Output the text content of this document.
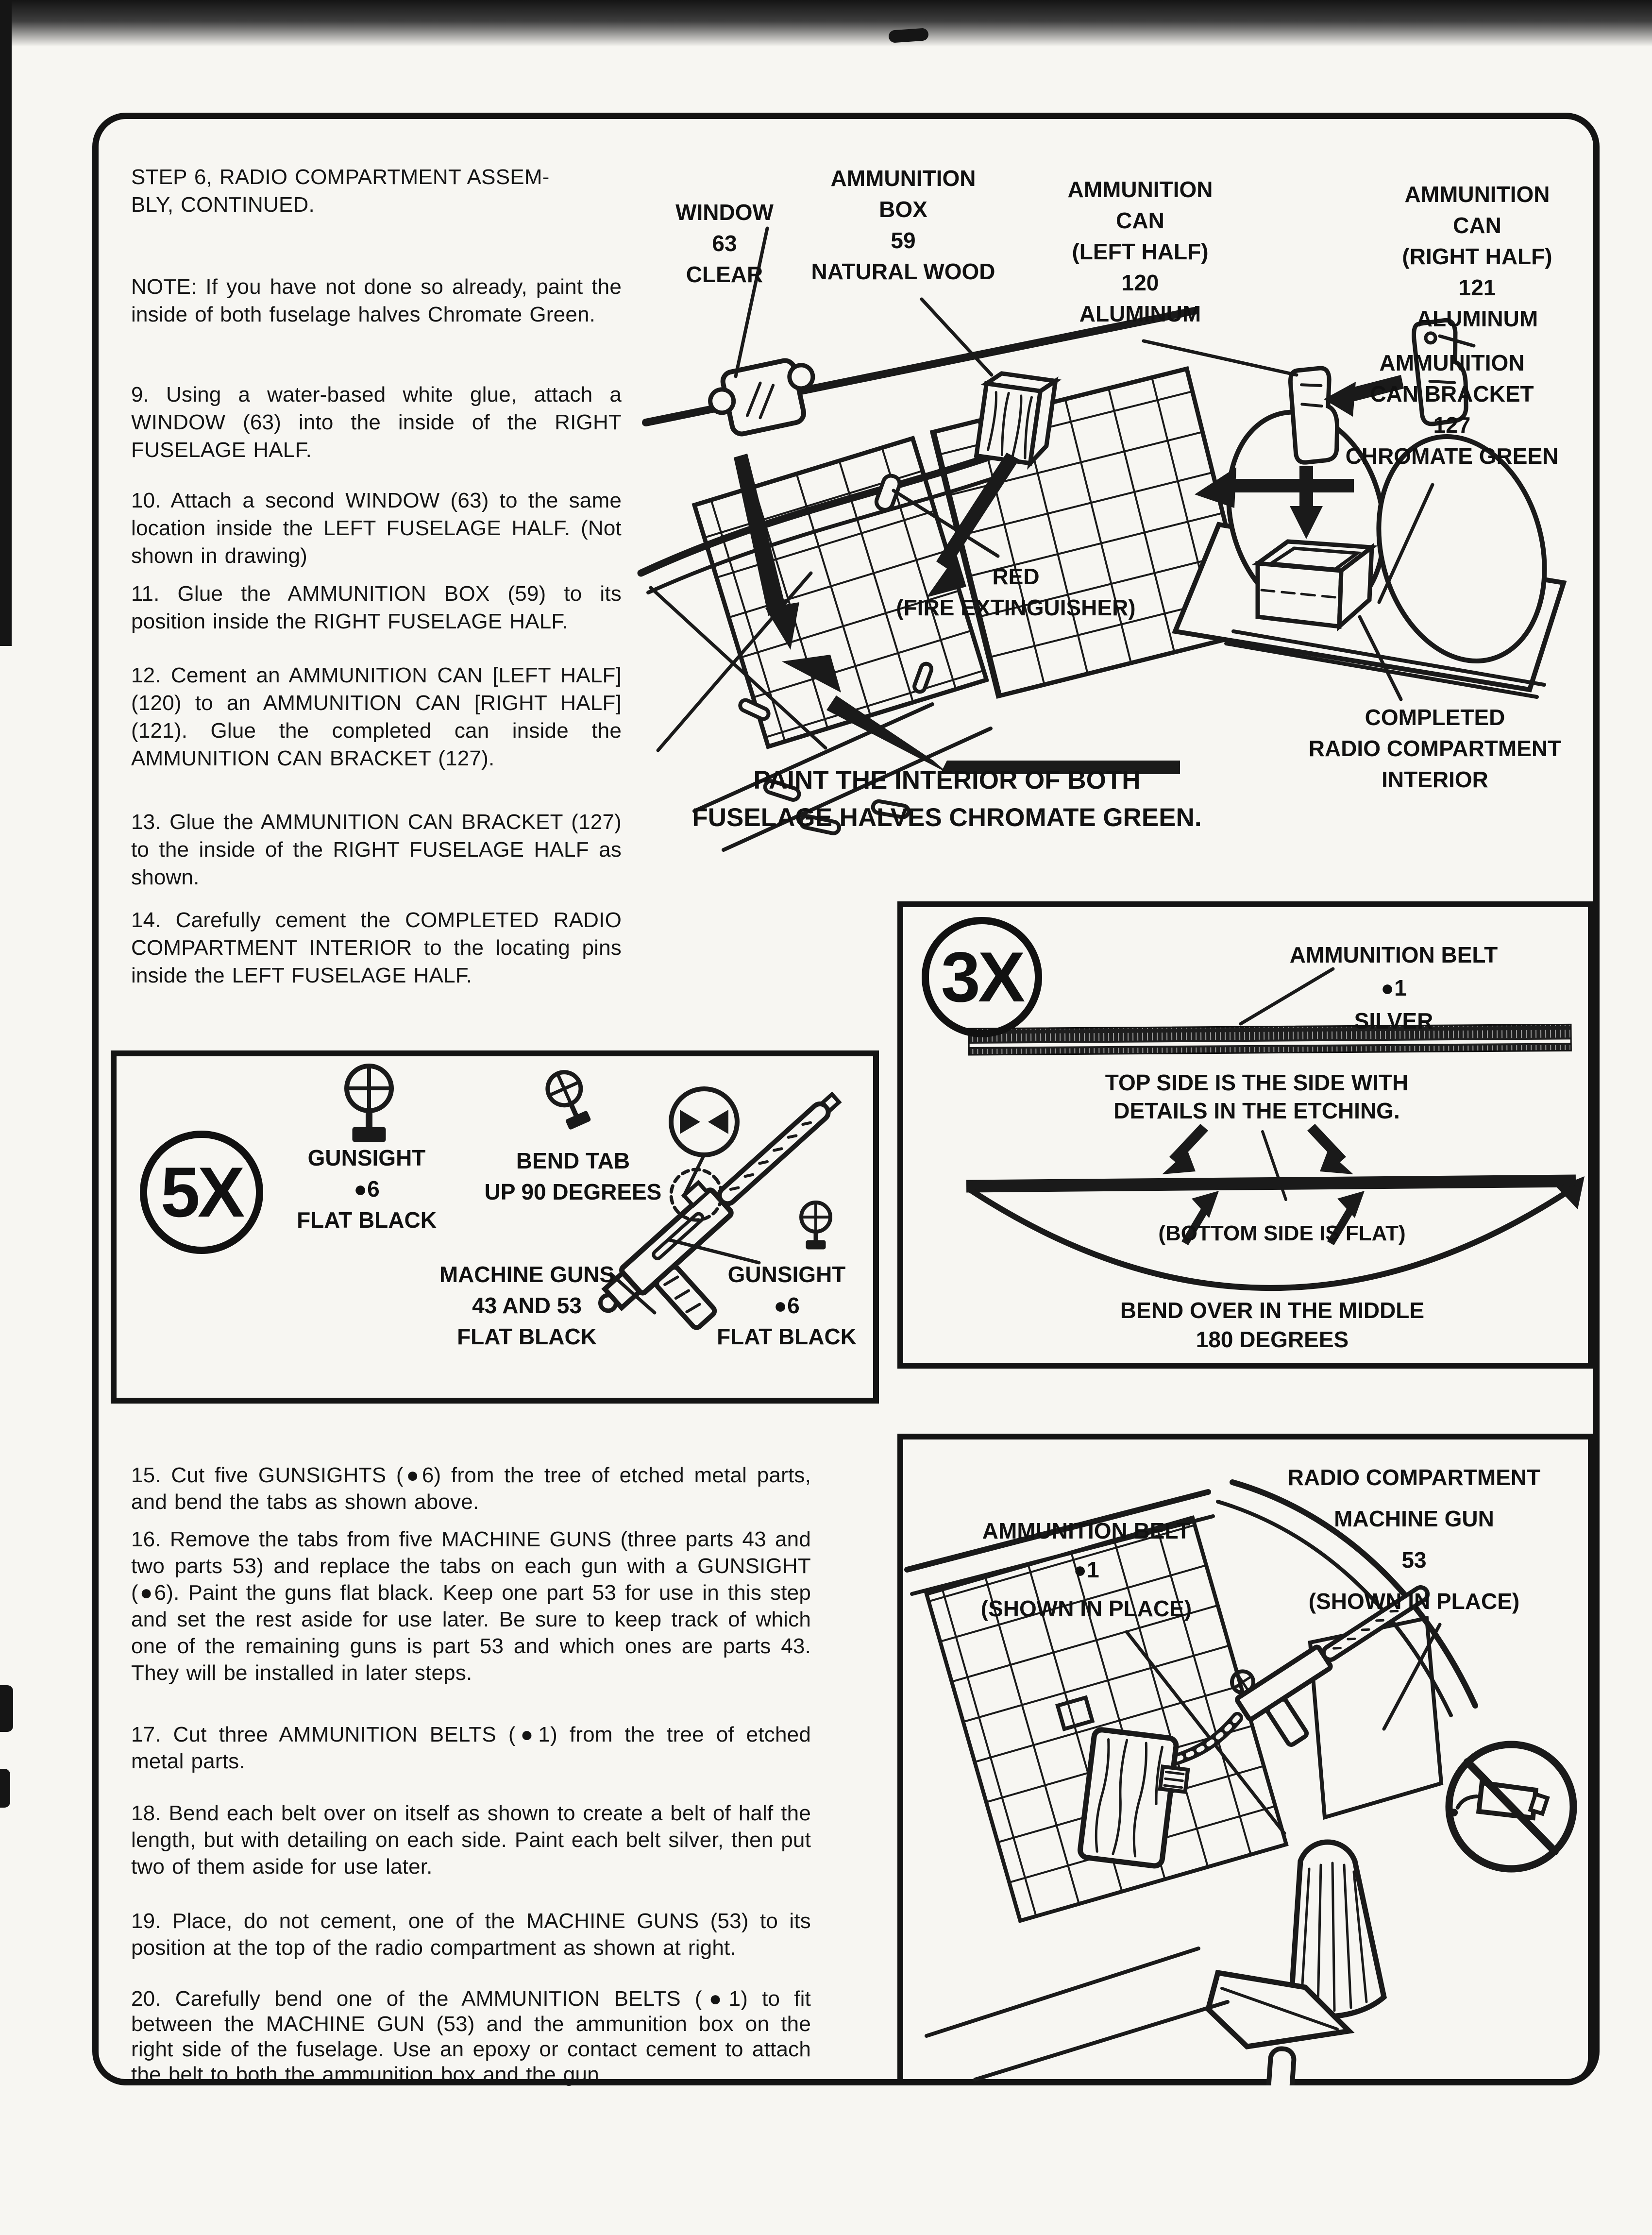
STEP 6, RADIO COMPARTMENT ASSEM-
BLY, CONTINUED.

NOTE: If you have not done so already, paint the inside of both fuselage halves Chromate Green.

9. Using a water-based white glue, attach a WINDOW (63) into the inside of the RIGHT FUSELAGE HALF.

10. Attach a second WINDOW (63) to the same location inside the LEFT FUSELAGE HALF. (Not shown in drawing)

11. Glue the AMMUNITION BOX (59) to its position inside the RIGHT FUSELAGE HALF.

12. Cement an AMMUNITION CAN [LEFT HALF] (120) to an AMMUNITION CAN [RIGHT HALF] (121). Glue the completed can inside the AMMUNITION CAN BRACKET (127).

13. Glue the AMMUNITION CAN BRACKET (127) to the inside of the RIGHT FUSELAGE HALF as shown.

14. Carefully cement the COMPLETED RADIO COMPARTMENT INTERIOR to the locating pins inside the LEFT FUSELAGE HALF.

15. Cut five GUNSIGHTS (●6) from the tree of etched metal parts, and bend the tabs as shown above.

16. Remove the tabs from five MACHINE GUNS (three parts 43 and two parts 53) and replace the tabs on each gun with a GUNSIGHT (●6). Paint the guns flat black. Keep one part 53 for use in this step and set the rest aside for use later. Be sure to keep track of which one of the remaining guns is part 53 and which ones are parts 43. They will be installed in later steps.

17. Cut three AMMUNITION BELTS (●1) from the tree of etched metal parts.

18. Bend each belt over on itself as shown to create a belt of half the length, but with detailing on each side. Paint each belt silver, then put two of them aside for use later.

19. Place, do not cement, one of the MACHINE GUNS (53) to its position at the top of the radio compartment as shown at right.

20. Carefully bend one of the AMMUNITION BELTS (●1) to fit between the MACHINE GUN (53) and the ammunition box on the right side of the fuselage. Use an epoxy or contact cement to attach the belt to both the ammunition box and the gun.

WINDOW
63
CLEAR
AMMUNITION
BOX
59
NATURAL WOOD
AMMUNITION
CAN
(LEFT HALF)
120
ALUMINUM
AMMUNITION
CAN
(RIGHT HALF)
121
ALUMINUM
AMMUNITION
CAN BRACKET
127
CHROMATE GREEN
RED
(FIRE EXTINGUISHER)
COMPLETED
RADIO COMPARTMENT
INTERIOR
PAINT THE INTERIOR OF BOTH
FUSELAGE HALVES CHROMATE GREEN.
5X	GUNSIGHT
●6
FLAT BLACK
BEND TAB
UP 90 DEGREES
MACHINE GUNS
43 AND 53
FLAT BLACK
GUNSIGHT
●6
FLAT BLACK
3X	AMMUNITION BELT
●1
SILVER
TOP SIDE IS THE SIDE WITH
DETAILS IN THE ETCHING.
(BOTTOM SIDE IS FLAT)
BEND OVER IN THE MIDDLE
180 DEGREES
AMMUNITION BELT
●1
(SHOWN IN PLACE)
RADIO COMPARTMENT
MACHINE GUN
53
(SHOWN IN PLACE)
